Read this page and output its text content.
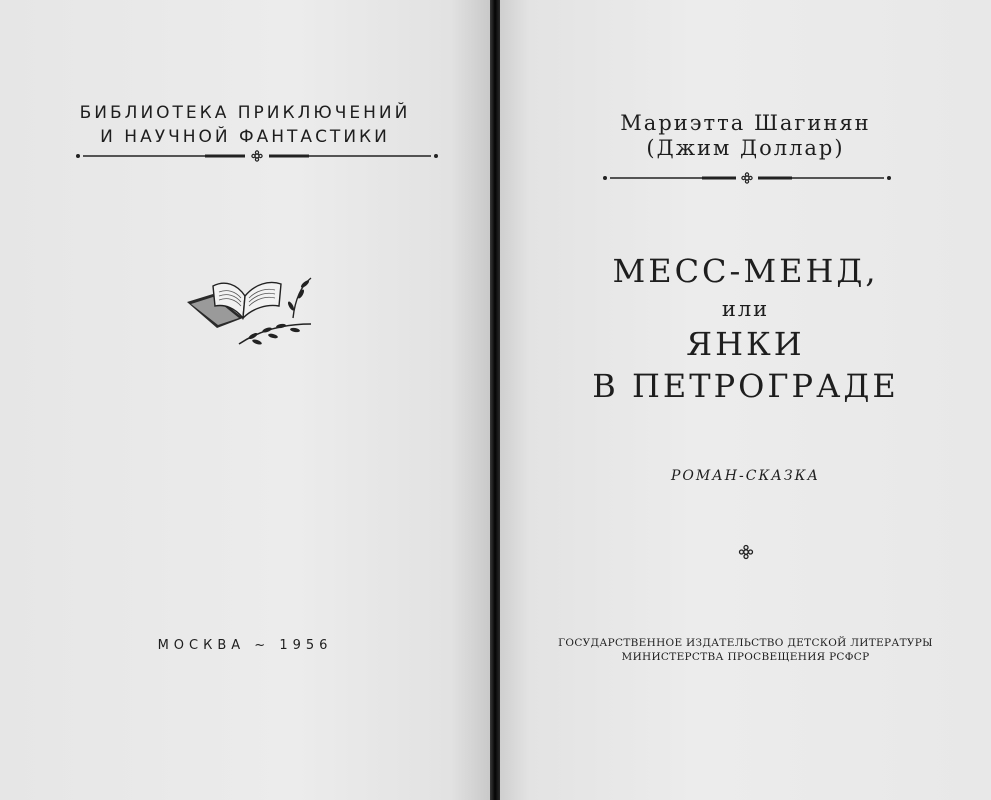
БИБЛИОТЕКА ПРИКЛЮЧЕНИЙ

И НАУЧНОЙ ФАНТАСТИКИ

МОСКВА ~ 1956

Мариэтта Шагинян

(Джим Доллар)

МЕСС-МЕНД,

или

ЯНКИ

В ПЕТРОГРАДЕ

РОМАН-СКАЗКА

ГОСУДАРСТВЕННОЕ ИЗДАТЕЛЬСТВО ДЕТСКОЙ ЛИТЕРАТУРЫ

МИНИСТЕРСТВА ПРОСВЕЩЕНИЯ РСФСР
